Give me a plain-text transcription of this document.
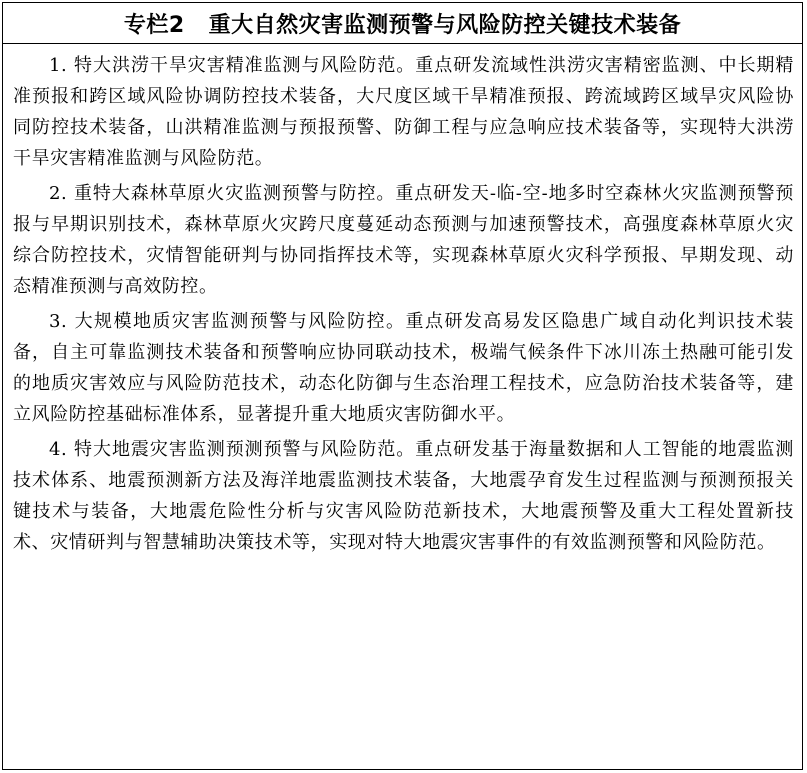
专栏2 重大自然灾害监测预警与风险防控关键技术装备

1. 特大洪涝干旱灾害精准监测与风险防范。重点研发流域性洪涝灾害精密监测、中长期精准预报和跨区域风险协调防控技术装备，大尺度区域干旱精准预报、跨流域跨区域旱灾风险协同防控技术装备，山洪精准监测与预报预警、防御工程与应急响应技术装备等，实现特大洪涝干旱灾害精准监测与风险防范。

2. 重特大森林草原火灾监测预警与防控。重点研发天-临-空-地多时空森林火灾监测预警预报与早期识别技术，森林草原火灾跨尺度蔓延动态预测与加速预警技术，高强度森林草原火灾综合防控技术，灾情智能研判与协同指挥技术等，实现森林草原火灾科学预报、早期发现、动态精准预测与高效防控。

3. 大规模地质灾害监测预警与风险防控。重点研发高易发区隐患广域自动化判识技术装备，自主可靠监测技术装备和预警响应协同联动技术，极端气候条件下冰川冻土热融可能引发的地质灾害效应与风险防范技术，动态化防御与生态治理工程技术，应急防治技术装备等，建立风险防控基础标准体系，显著提升重大地质灾害防御水平。

4. 特大地震灾害监测预测预警与风险防范。重点研发基于海量数据和人工智能的地震监测技术体系、地震预测新方法及海洋地震监测技术装备，大地震孕育发生过程监测与预测预报关键技术与装备，大地震危险性分析与灾害风险防范新技术，大地震预警及重大工程处置新技术、灾情研判与智慧辅助决策技术等，实现对特大地震灾害事件的有效监测预警和风险防范。
